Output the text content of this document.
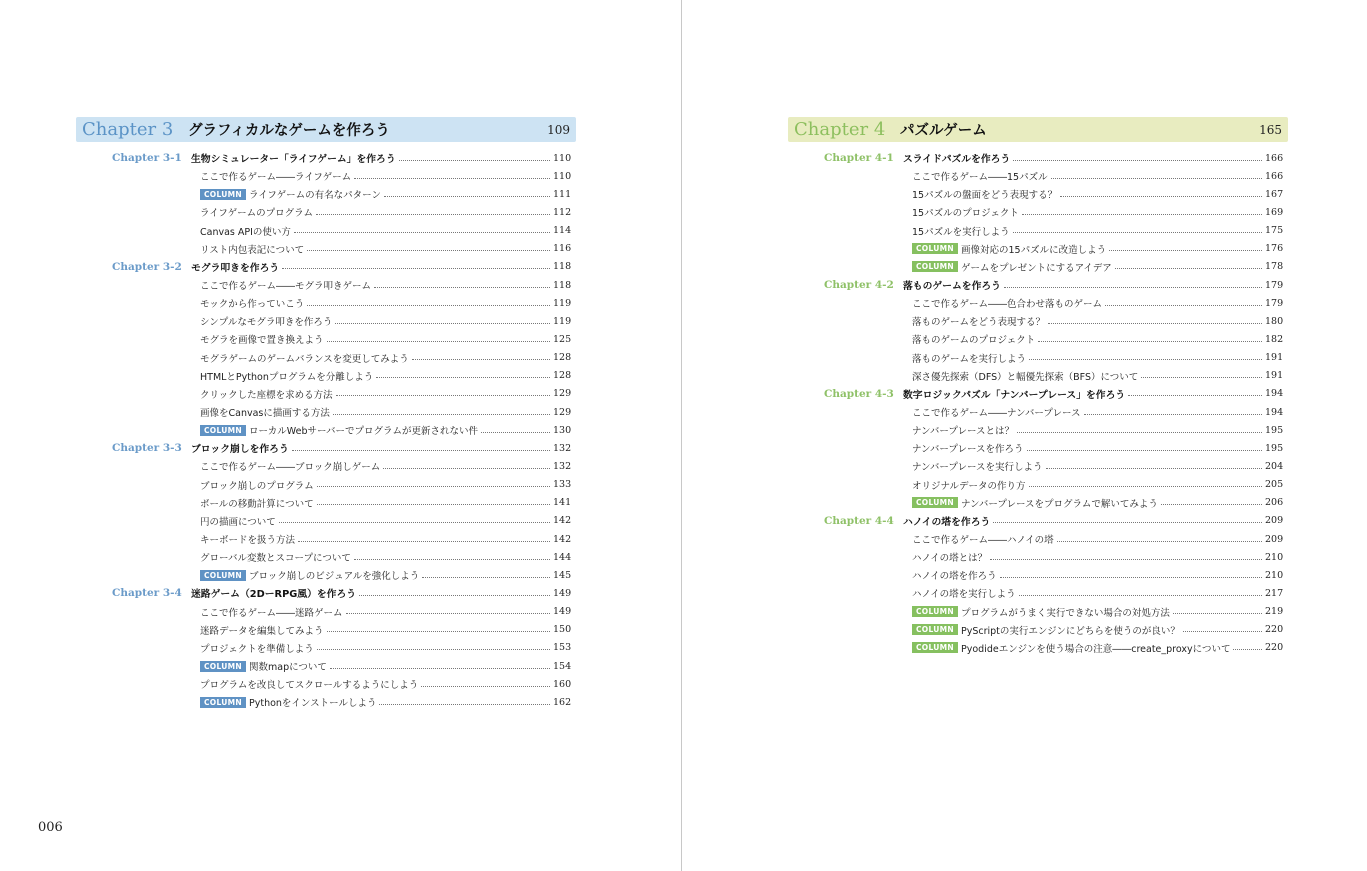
Chapter 3	グラフィカルなゲームを作ろう	109
Chapter 3-1 生物シミュレーター「ライフゲーム」を作ろう	110
ここで作るゲーム――ライフゲーム	110
COLUMN ライフゲームの有名なパターン	111
ライフゲームのプログラム	112
Canvas APIの使い方	114
リスト内包表記について	116
Chapter 3-2 モグラ叩きを作ろう	118
ここで作るゲーム――モグラ叩きゲーム	118
モックから作っていこう	119
シンプルなモグラ叩きを作ろう	119
モグラを画像で置き換えよう	125
モグラゲームのゲームバランスを変更してみよう	128
HTMLとPythonプログラムを分離しよう	128
クリックした座標を求める方法	129
画像をCanvasに描画する方法	129
COLUMN ローカルWebサーバーでプログラムが更新されない件	130
Chapter 3-3 ブロック崩しを作ろう	132
ここで作るゲーム――ブロック崩しゲーム	132
ブロック崩しのプログラム	133
ボールの移動計算について	141
円の描画について	142
キーボードを扱う方法	142
グローバル変数とスコープについて	144
COLUMN ブロック崩しのビジュアルを強化しよう	145
Chapter 3-4 迷路ゲーム（2DーRPG風）を作ろう	149
ここで作るゲーム――迷路ゲーム	149
迷路データを編集してみよう	150
プロジェクトを準備しよう	153
COLUMN 関数mapについて	154
プログラムを改良してスクロールするようにしよう	160
COLUMN Pythonをインストールしよう	162
006
Chapter 4	パズルゲーム	165
Chapter 4-1 スライドパズルを作ろう	166
ここで作るゲーム――15パズル	166
15パズルの盤面をどう表現する？	167
15パズルのプロジェクト	169
15パズルを実行しよう	175
COLUMN 画像対応の15パズルに改造しよう	176
COLUMN ゲームをプレゼントにするアイデア	178
Chapter 4-2 落ものゲームを作ろう	179
ここで作るゲーム――色合わせ落ものゲーム	179
落ものゲームをどう表現する？	180
落ものゲームのプロジェクト	182
落ものゲームを実行しよう	191
深さ優先探索（DFS）と幅優先探索（BFS）について	191
Chapter 4-3 数字ロジックパズル「ナンバープレース」を作ろう	194
ここで作るゲーム――ナンバープレース	194
ナンバープレースとは？	195
ナンバープレースを作ろう	195
ナンバープレースを実行しよう	204
オリジナルデータの作り方	205
COLUMN ナンバープレースをプログラムで解いてみよう	206
Chapter 4-4 ハノイの塔を作ろう	209
ここで作るゲーム――ハノイの塔	209
ハノイの塔とは？	210
ハノイの塔を作ろう	210
ハノイの塔を実行しよう	217
COLUMN プログラムがうまく実行できない場合の対処方法	219
COLUMN PyScriptの実行エンジンにどちらを使うのが良い？	220
COLUMN Pyodideエンジンを使う場合の注意――create_proxyについて	220
